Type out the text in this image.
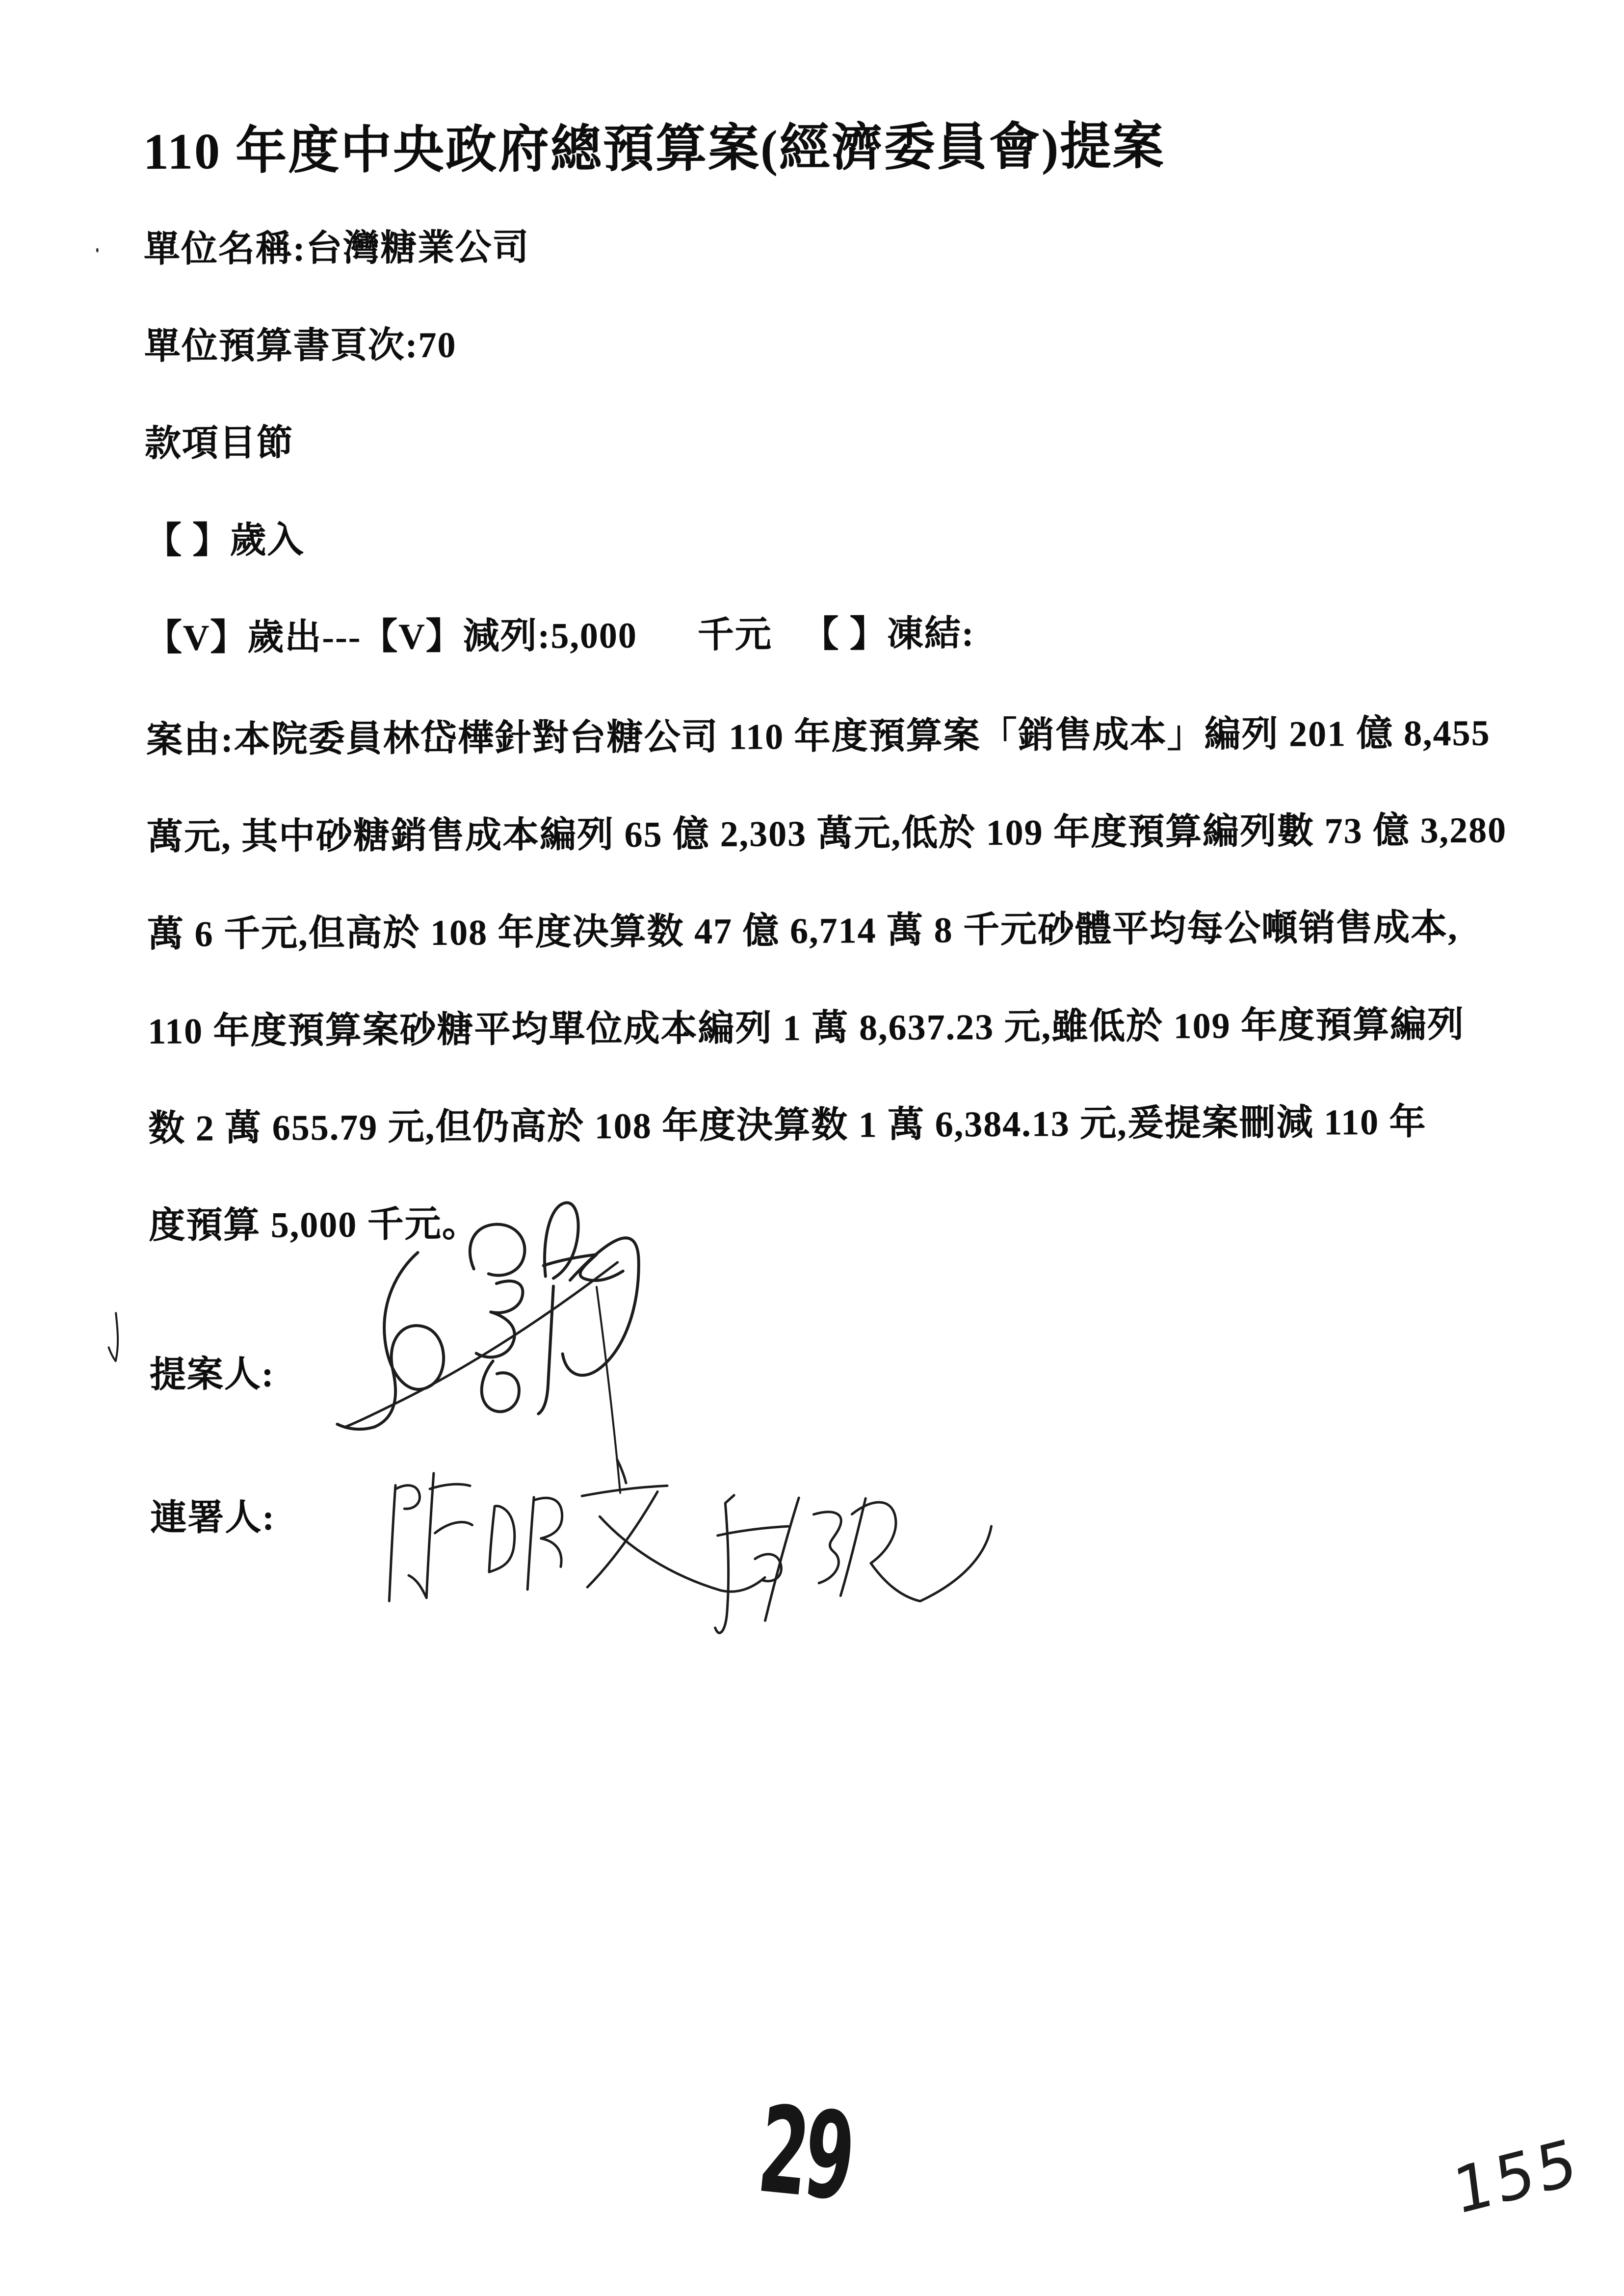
110 年度中央政府總預算案(經濟委員會)提案
單位名稱:台灣糖業公司
單位預算書頁次:70
款項目節
【 】歲入
【V】歲出---【V】減列:5,000      千元   【 】凍結:
案由:本院委員林岱樺針對台糖公司 110 年度預算案「銷售成本」編列 201 億 8,455
萬元, 其中砂糖銷售成本編列 65 億 2,303 萬元,低於 109 年度預算編列數 73 億 3,280
萬 6 千元,但高於 108 年度决算数 47 億 6,714 萬 8 千元砂體平均每公噸销售成本,
110 年度預算案砂糖平均單位成本編列 1 萬 8,637.23 元,雖低於 109 年度預算編列
数 2 萬 655.79 元,但仍高於 108 年度決算数 1 萬 6,384.13 元,爰提案刪減 110 年
度預算 5,000 千元。
提案人:
連署人:
29	155
